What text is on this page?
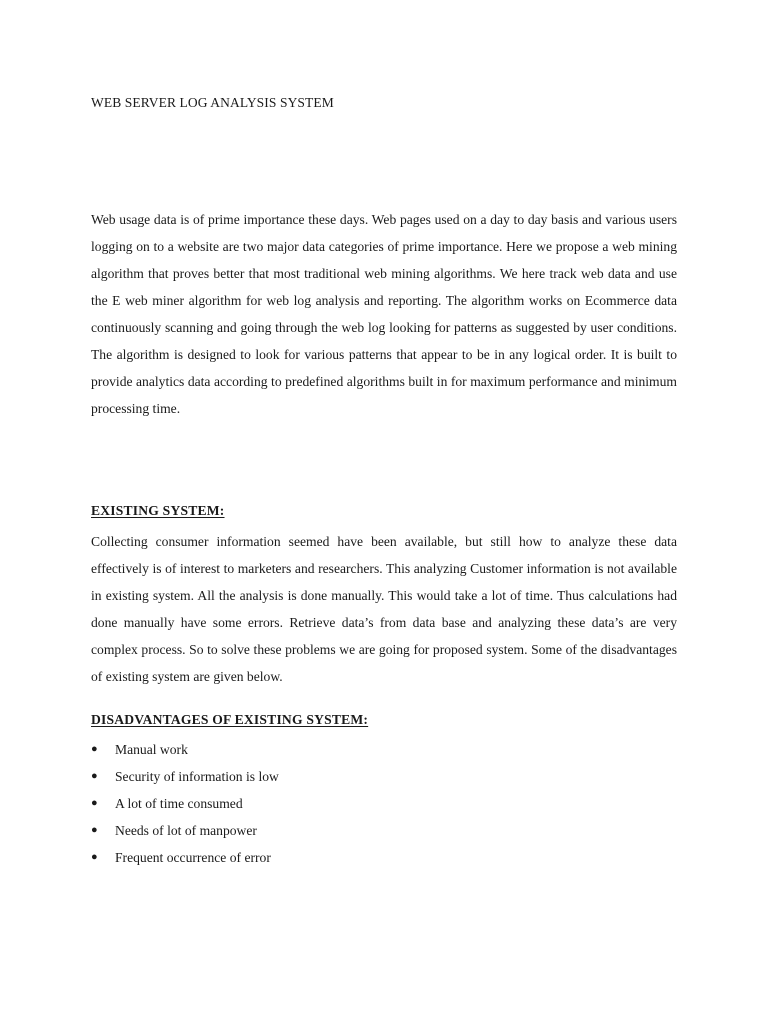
WEB SERVER LOG ANALYSIS SYSTEM

Web usage data is of prime importance these days. Web pages used on a day to day basis and various users logging on to a website are two major data categories of prime importance. Here we propose a web mining algorithm that proves better that most traditional web mining algorithms. We here track web data and use the E web miner algorithm for web log analysis and reporting. The algorithm works on Ecommerce data continuously scanning and going through the web log looking for patterns as suggested by user conditions. The algorithm is designed to look for various patterns that appear to be in any logical order. It is built to provide analytics data according to predefined algorithms built in for maximum performance and minimum processing time.

EXISTING SYSTEM:

Collecting consumer information seemed have been available, but still how to analyze these data effectively is of interest to marketers and researchers. This analyzing Customer information is not available in existing system. All the analysis is done manually. This would take a lot of time. Thus calculations had done manually have some errors. Retrieve data’s from data base and analyzing these data’s are very complex process. So to solve these problems we are going for proposed system. Some of the disadvantages of existing system are given below.

DISADVANTAGES OF EXISTING SYSTEM:
●	Manual work
●	Security of information is low
●	A lot of time consumed
●	Needs of lot of manpower
●	Frequent occurrence of error
